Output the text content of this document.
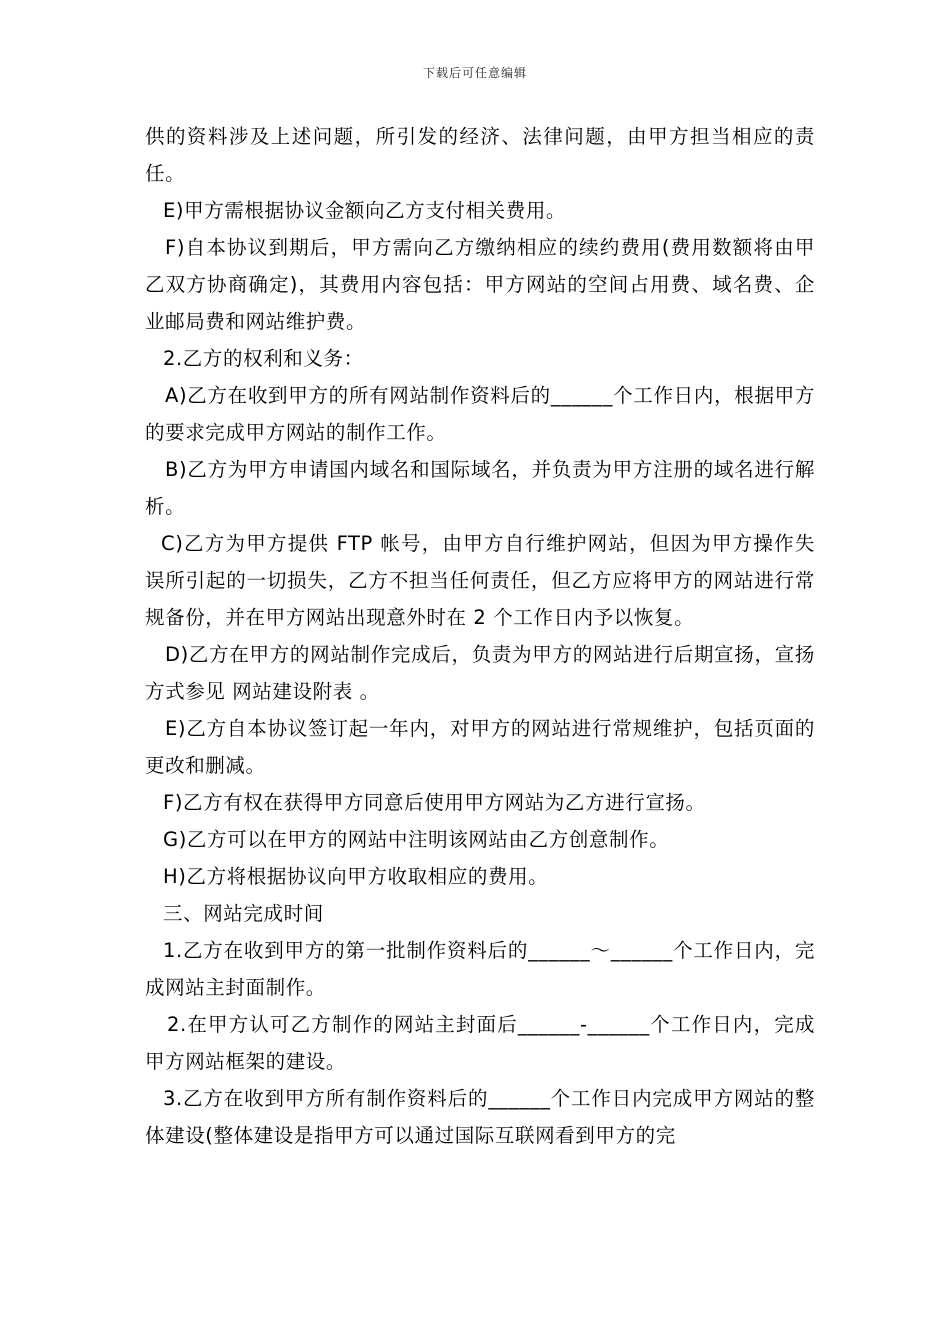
下载后可任意编辑

供的资料涉及上述问题，所引发的经济、法律问题，由甲方担当相应的责任。

E)甲方需根据协议金额向乙方支付相关费用。

F)自本协议到期后，甲方需向乙方缴纳相应的续约费用(费用数额将由甲乙双方协商确定)，其费用内容包括：甲方网站的空间占用费、域名费、企业邮局费和网站维护费。

2.乙方的权利和义务：

A)乙方在收到甲方的所有网站制作资料后的______个工作日内，根据甲方的要求完成甲方网站的制作工作。

B)乙方为甲方申请国内域名和国际域名，并负责为甲方注册的域名进行解析。

C)乙方为甲方提供 FTP 帐号，由甲方自行维护网站，但因为甲方操作失误所引起的一切损失，乙方不担当任何责任，但乙方应将甲方的网站进行常规备份，并在甲方网站出现意外时在 2 个工作日内予以恢复。

D)乙方在甲方的网站制作完成后，负责为甲方的网站进行后期宣扬，宣扬方式参见 网站建设附表 。

E)乙方自本协议签订起一年内，对甲方的网站进行常规维护，包括页面的更改和删减。

F)乙方有权在获得甲方同意后使用甲方网站为乙方进行宣扬。

G)乙方可以在甲方的网站中注明该网站由乙方创意制作。

H)乙方将根据协议向甲方收取相应的费用。

三、网站完成时间

1.乙方在收到甲方的第一批制作资料后的______～______个工作日内，完成网站主封面制作。

2.在甲方认可乙方制作的网站主封面后______-______个工作日内，完成甲方网站框架的建设。

3.乙方在收到甲方所有制作资料后的______个工作日内完成甲方网站的整体建设(整体建设是指甲方可以通过国际互联网看到甲方的完
